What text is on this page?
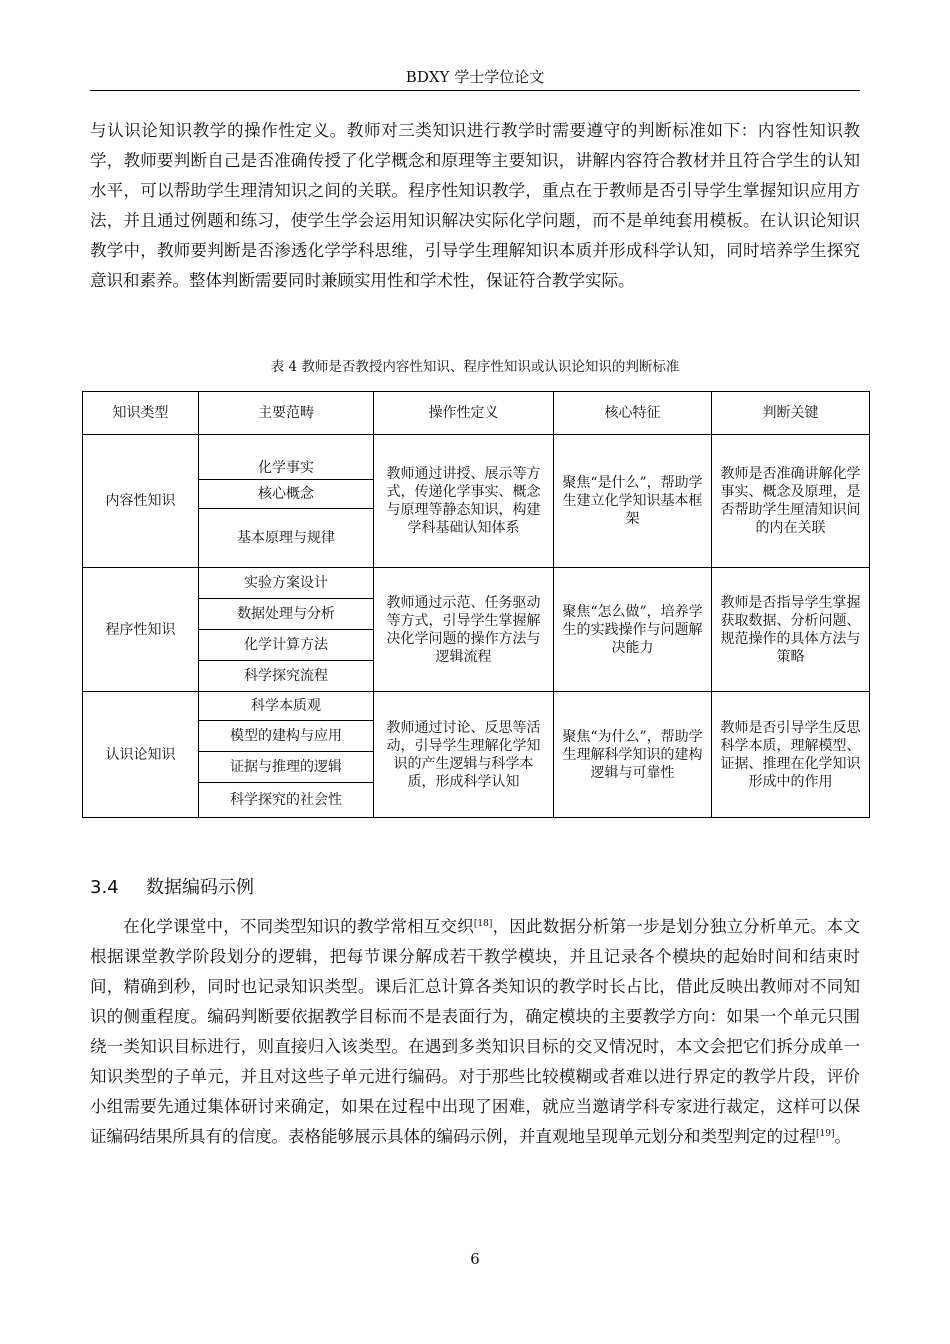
BDXY 学士学位论文

与认识论知识教学的操作性定义。教师对三类知识进行教学时需要遵守的判断标准如下：内容性知识教学，教师要判断自己是否准确传授了化学概念和原理等主要知识，讲解内容符合教材并且符合学生的认知水平，可以帮助学生理清知识之间的关联。程序性知识教学，重点在于教师是否引导学生掌握知识应用方法，并且通过例题和练习，使学生学会运用知识解决实际化学问题，而不是单纯套用模板。在认识论知识教学中，教师要判断是否渗透化学学科思维，引导学生理解知识本质并形成科学认知，同时培养学生探究意识和素养。整体判断需要同时兼顾实用性和学术性，保证符合教学实际。

表 4 教师是否教授内容性知识、程序性知识或认识论知识的判断标准
知识类型	主要范畴	操作性定义	核心特征	判断关键
内容性知识	化学事实	教师通过讲授、展示等方式，传递化学事实、概念与原理等静态知识，构建学科基础认知体系	聚焦“是什么”，帮助学生建立化学知识基本框架	教师是否准确讲解化学事实、概念及原理，是否帮助学生厘清知识间的内在关联
	核心概念			
	基本原理与规律			
程序性知识	实验方案设计	教师通过示范、任务驱动等方式，引导学生掌握解决化学问题的操作方法与逻辑流程	聚焦“怎么做”，培养学生的实践操作与问题解决能力	教师是否指导学生掌握获取数据、分析问题、规范操作的具体方法与策略
	数据处理与分析			
	化学计算方法			
	科学探究流程			
认识论知识	科学本质观	教师通过讨论、反思等活动，引导学生理解化学知识的产生逻辑与科学本质，形成科学认知	聚焦“为什么”，帮助学生理解科学知识的建构逻辑与可靠性	教师是否引导学生反思科学本质，理解模型、证据、推理在化学知识形成中的作用
	模型的建构与应用			
	证据与推理的逻辑			
	科学探究的社会性			
3.4 数据编码示例

在化学课堂中，不同类型知识的教学常相互交织[18]，因此数据分析第一步是划分独立分析单元。本文根据课堂教学阶段划分的逻辑，把每节课分解成若干教学模块，并且记录各个模块的起始时间和结束时间，精确到秒，同时也记录知识类型。课后汇总计算各类知识的教学时长占比，借此反映出教师对不同知识的侧重程度。编码判断要依据教学目标而不是表面行为，确定模块的主要教学方向：如果一个单元只围绕一类知识目标进行，则直接归入该类型。在遇到多类知识目标的交叉情况时，本文会把它们拆分成单一知识类型的子单元，并且对这些子单元进行编码。对于那些比较模糊或者难以进行界定的教学片段，评价小组需要先通过集体研讨来确定，如果在过程中出现了困难，就应当邀请学科专家进行裁定，这样可以保证编码结果所具有的信度。表格能够展示具体的编码示例，并直观地呈现单元划分和类型判定的过程[19]。

6
